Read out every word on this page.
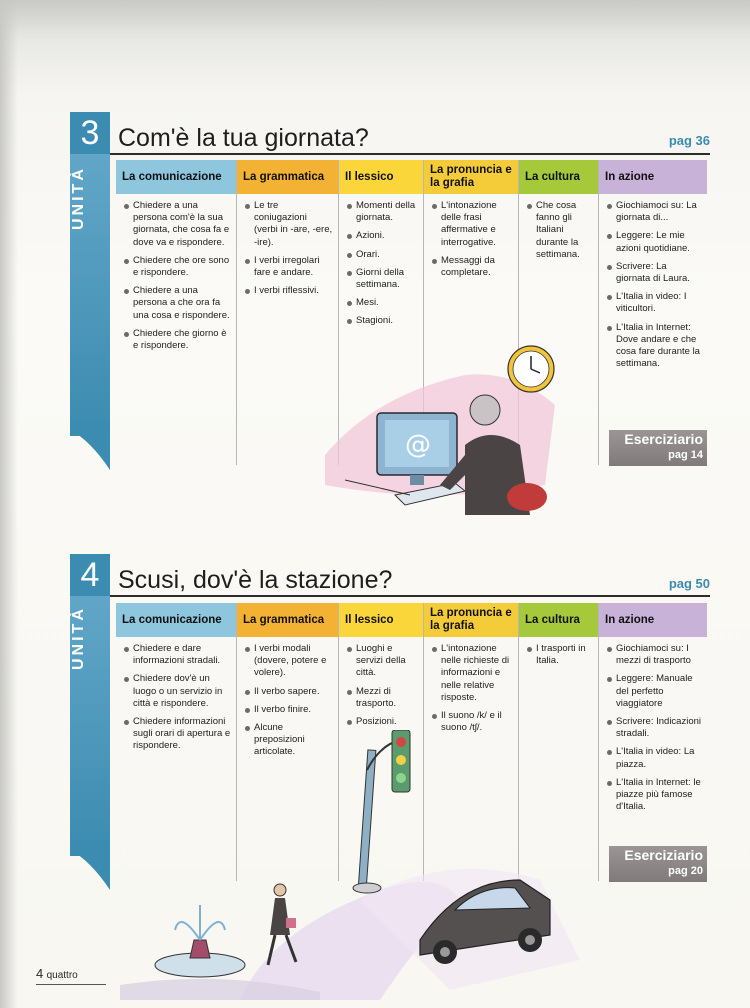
3
UNITÀ
Com'è la tua giornata?	pag 36
La comunicazione
Chiedere a una persona com'è la sua giornata, che cosa fa e dove va e rispondere.
Chiedere che ore sono e rispondere.
Chiedere a una persona a che ora fa una cosa e rispondere.
Chiedere che giorno è e rispondere.
La grammatica
Le tre coniugazioni (verbi in -are, -ere, -ire).
I verbi irregolari fare e andare.
I verbi riflessivi.
Il lessico
Momenti della giornata.
Azioni.
Orari.
Giorni della settimana.
Mesi.
Stagioni.
La pronuncia e la grafia
L'intonazione delle frasi affermative e interrogative.
Messaggi da completare.
La cultura
Che cosa fanno gli Italiani durante la settimana.
In azione
Giochiamoci su: La giornata di...
Leggere: Le mie azioni quotidiane.
Scrivere: La giornata di Laura.
L'Italia in video: I viticultori.
L'Italia in Internet: Dove andare e che cosa fare durante la settimana.
Eserciziario
pag 14
@
4
UNITÀ
Scusi, dov'è la stazione?	pag 50
La comunicazione
Chiedere e dare informazioni stradali.
Chiedere dov'è un luogo o un servizio in città e rispondere.
Chiedere informazioni sugli orari di apertura e rispondere.
La grammatica
I verbi modali (dovere, potere e volere).
Il verbo sapere.
Il verbo finire.
Alcune preposizioni articolate.
Il lessico
Luoghi e servizi della città.
Mezzi di trasporto.
Posizioni.
La pronuncia e la grafia
L'intonazione nelle richieste di informazioni e nelle relative risposte.
Il suono /k/ e il suono /tʃ/.
La cultura
I trasporti in Italia.
In azione
Giochiamoci su: I mezzi di trasporto
Leggere: Manuale del perfetto viaggiatore
Scrivere: Indicazioni stradali.
L'Italia in video: La piazza.
L'Italia in Internet: le piazze più famose d'Italia.
Eserciziario
pag 20
4 quattro
